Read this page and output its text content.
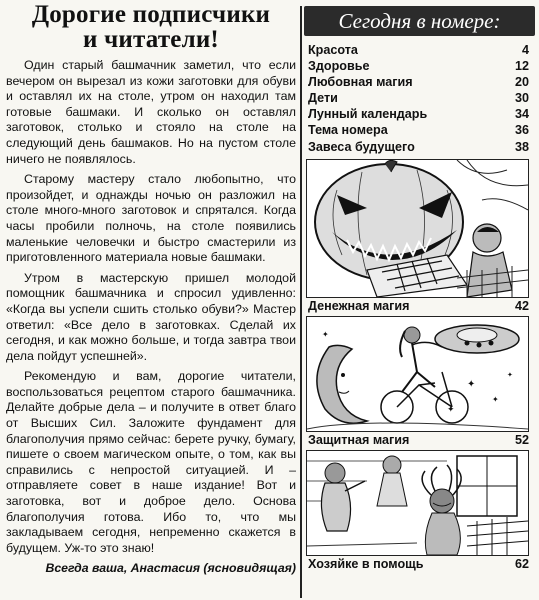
Дорогие подписчики
и читатели!

Один старый башмачник заметил, что если вечером он вырезал из кожи заготовки для обуви и оставлял их на столе, утром он находил там готовые башмаки. И сколько он оставлял заготовок, столько и стояло на столе на следующий день башмаков. Но на пустом столе ничего не появлялось.

Старому мастеру стало любопытно, что произойдет, и однажды ночью он разложил на столе много-много заготовок и спрятался. Когда часы пробили полночь, на столе появились маленькие человечки и быстро смастерили из приготовленного материала новые башмаки.

Утром в мастерскую пришел молодой помощник башмачника и спросил удивленно: «Когда вы успели сшить столько обуви?» Мастер ответил: «Все дело в заготовках. Сделай их сегодня, и как можно больше, и тогда завтра твои дела пойдут успешней».

Рекомендую и вам, дорогие читатели, воспользоваться рецептом старого башмачника. Делайте добрые дела – и получите в ответ благо от Высших Сил. Заложите фундамент для благополучия прямо сейчас: берете ручку, бумагу, пишете о своем магическом опыте, о том, как вы справились с непростой ситуацией. И – отправляете совет в наше издание! Вот и заготовка, вот и доброе дело. Основа благополучия готова. Ибо то, что мы закладываем сегодня, непременно скажется в будущем. Уж-то это знаю!

Всегда ваша, Анастасия (ясновидящая)
Сегодня в номере:
Красота	4
Здоровье	12
Любовная магия	20
Дети	30
Лунный календарь	34
Тема номера	36
Завеса будущего	38
Денежная магия	42
✦
✦
✦
✦
✦
Защитная магия	52
Хозяйке в помощь	62
